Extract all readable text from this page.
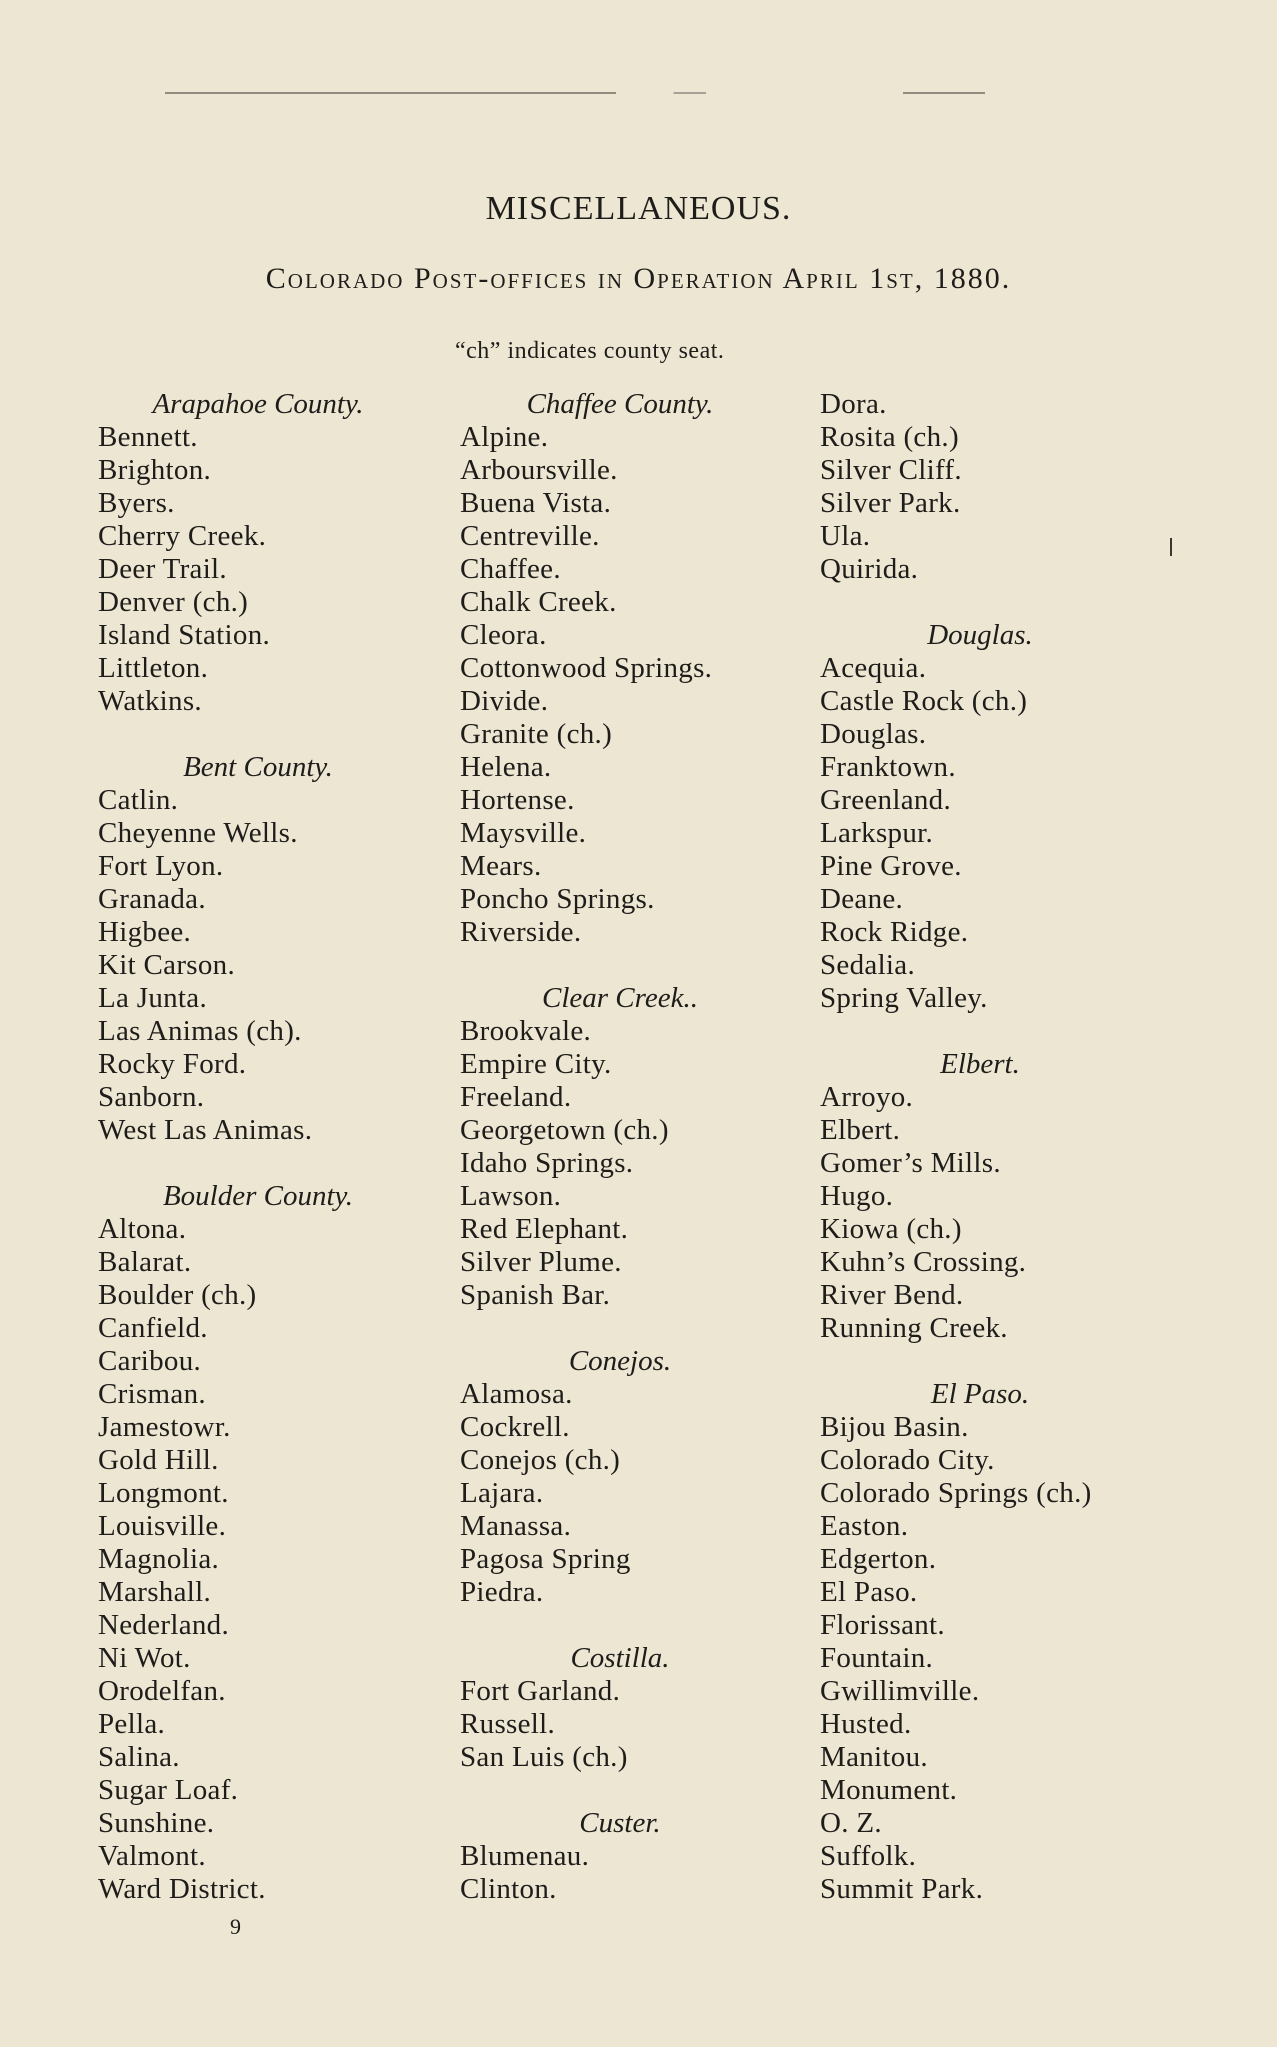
MISCELLANEOUS.
Colorado Post-offices in Operation April 1st, 1880.
“ch” indicates county seat.
Arapahoe County.
Bennett.
Brighton.
Byers.
Cherry Creek.
Deer Trail.
Denver (ch.)
Island Station.
Littleton.
Watkins.
Bent County.
Catlin.
Cheyenne Wells.
Fort Lyon.
Granada.
Higbee.
Kit Carson.
La Junta.
Las Animas (ch).
Rocky Ford.
Sanborn.
West Las Animas.
Boulder County.
Altona.
Balarat.
Boulder (ch.)
Canfield.
Caribou.
Crisman.
Jamestowr.
Gold Hill.
Longmont.
Louisville.
Magnolia.
Marshall.
Nederland.
Ni Wot.
Orodelfan.
Pella.
Salina.
Sugar Loaf.
Sunshine.
Valmont.
Ward District.
Chaffee County.
Alpine.
Arboursville.
Buena Vista.
Centreville.
Chaffee.
Chalk Creek.
Cleora.
Cottonwood Springs.
Divide.
Granite (ch.)
Helena.
Hortense.
Maysville.
Mears.
Poncho Springs.
Riverside.
Clear Creek..
Brookvale.
Empire City.
Freeland.
Georgetown (ch.)
Idaho Springs.
Lawson.
Red Elephant.
Silver Plume.
Spanish Bar.
Conejos.
Alamosa.
Cockrell.
Conejos (ch.)
Lajara.
Manassa.
Pagosa Spring
Piedra.
Costilla.
Fort Garland.
Russell.
San Luis (ch.)
Custer.
Blumenau.
Clinton.
Dora.
Rosita (ch.)
Silver Cliff.
Silver Park.
Ula.
Quirida.
Douglas.
Acequia.
Castle Rock (ch.)
Douglas.
Franktown.
Greenland.
Larkspur.
Pine Grove.
Deane.
Rock Ridge.
Sedalia.
Spring Valley.
Elbert.
Arroyo.
Elbert.
Gomer’s Mills.
Hugo.
Kiowa (ch.)
Kuhn’s Crossing.
River Bend.
Running Creek.
El Paso.
Bijou Basin.
Colorado City.
Colorado Springs (ch.)
Easton.
Edgerton.
El Paso.
Florissant.
Fountain.
Gwillimville.
Husted.
Manitou.
Monument.
O. Z.
Suffolk.
Summit Park.
9
